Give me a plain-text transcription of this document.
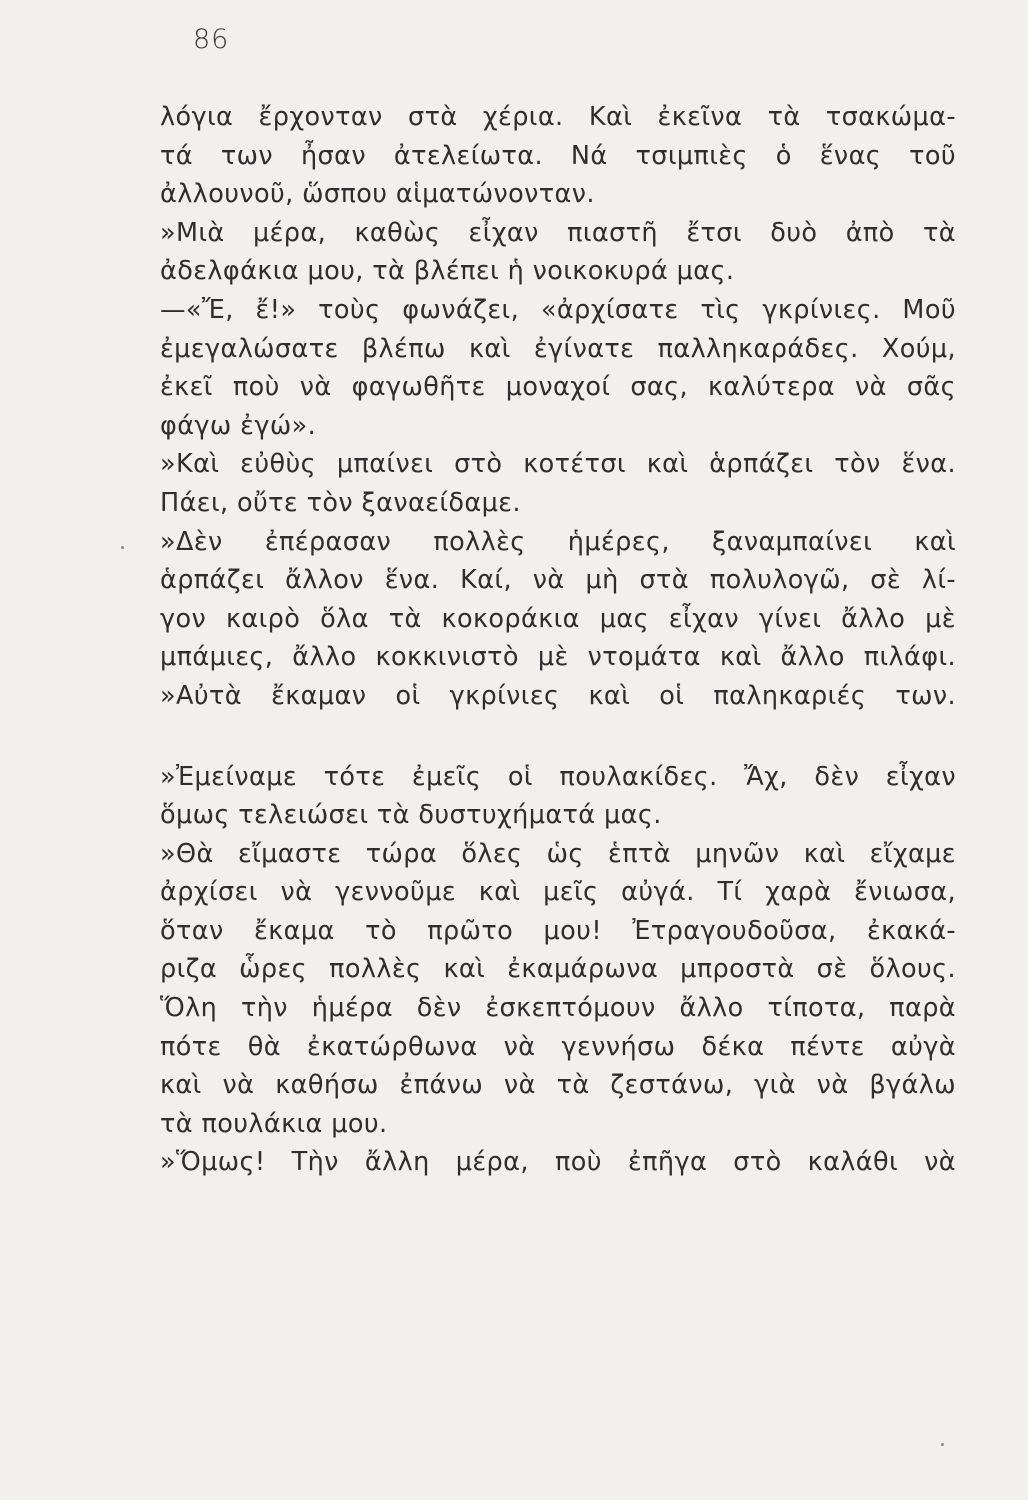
86
λόγια ἔρχονταν στὰ χέρια. Καὶ ἐκεῖνα τὰ τσακώμα-
τά των ἦσαν ἀτελείωτα. Νά τσιμπιὲς ὁ ἕνας τοῦ
ἀλλουνοῦ, ὥσπου αἱματώνονταν.
»Μιὰ μέρα, καθὼς εἶχαν πιαστῆ ἔτσι δυὸ ἀπὸ τὰ
ἀδελφάκια μου, τὰ βλέπει ἡ νοικοκυρά μας.
—«Ἔ, ἔ!» τοὺς φωνάζει, «ἀρχίσατε τὶς γκρίνιες. Μοῦ
ἐμεγαλώσατε βλέπω καὶ ἐγίνατε παλληκαράδες. Χούμ,
ἐκεῖ ποὺ νὰ φαγωθῆτε μοναχοί σας, καλύτερα νὰ σᾶς
φάγω ἐγώ».
»Καὶ εὐθὺς μπαίνει στὸ κοτέτσι καὶ ἁρπάζει τὸν ἕνα.
Πάει, οὔτε τὸν ξαναείδαμε.
»Δὲν ἐπέρασαν πολλὲς ἡμέρες, ξαναμπαίνει καὶ
ἁρπάζει ἄλλον ἕνα. Καί, νὰ μὴ στὰ πολυλογῶ, σὲ λί-
γον καιρὸ ὅλα τὰ κοκοράκια μας εἶχαν γίνει ἄλλο μὲ
μπάμιες, ἄλλο κοκκινιστὸ μὲ ντομάτα καὶ ἄλλο πιλάφι.
»Αὐτὰ ἔκαμαν οἱ γκρίνιες καὶ οἱ παληκαριές των.
»Ἐμείναμε τότε ἐμεῖς οἱ πουλακίδες. Ἄχ, δὲν εἶχαν
ὅμως τελειώσει τὰ δυστυχήματά μας.
»Θὰ εἴμαστε τώρα ὅλες ὡς ἑπτὰ μηνῶν καὶ εἴχαμε
ἀρχίσει νὰ γεννοῦμε καὶ μεῖς αὐγά. Τί χαρὰ ἔνιωσα,
ὅταν ἔκαμα τὸ πρῶτο μου! Ἐτραγουδοῦσα, ἐκακά-
ριζα ὧρες πολλὲς καὶ ἐκαμάρωνα μπροστὰ σὲ ὅλους.
Ὅλη τὴν ἡμέρα δὲν ἐσκεπτόμουν ἄλλο τίποτα, παρὰ
πότε θὰ ἐκατώρθωνα νὰ γεννήσω δέκα πέντε αὐγὰ
καὶ νὰ καθήσω ἐπάνω νὰ τὰ ζεστάνω, γιὰ νὰ βγάλω
τὰ πουλάκια μου.
»Ὅμως! Τὴν ἄλλη μέρα, ποὺ ἐπῆγα στὸ καλάθι νὰ
